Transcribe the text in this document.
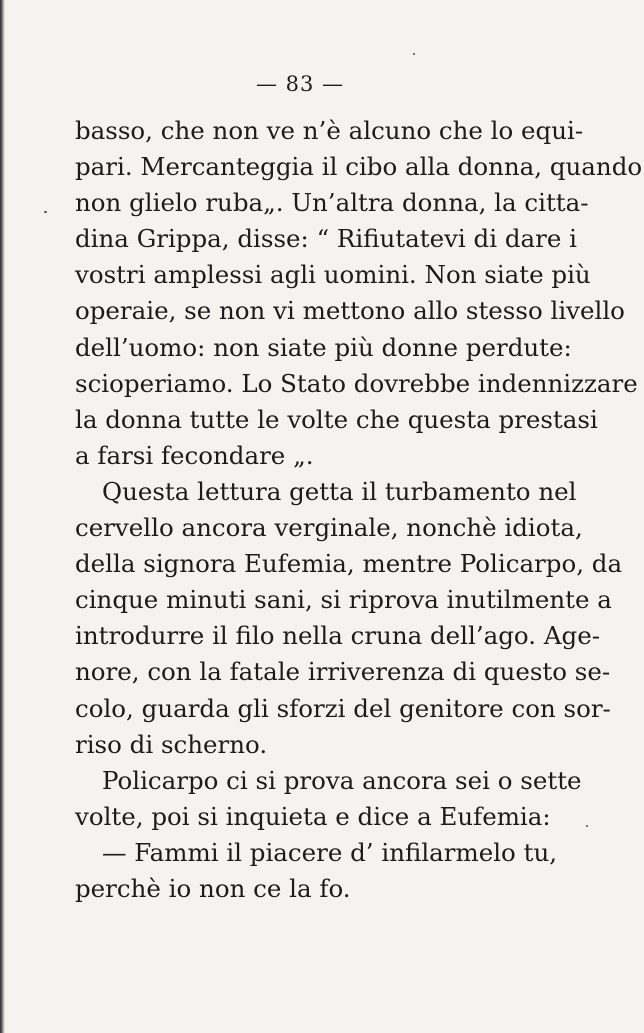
— 83 —
basso, che non ve n’è alcuno che lo equi-
pari. Mercanteggia il cibo alla donna, quando
non glielo ruba„. Un’altra donna, la citta-
dina Grippa, disse: “ Rifiutatevi di dare i
vostri amplessi agli uomini. Non siate più
operaie, se non vi mettono allo stesso livello
dell’uomo: non siate più donne perdute:
scioperiamo. Lo Stato dovrebbe indennizzare
la donna tutte le volte che questa prestasi
a farsi fecondare „.
Questa lettura getta il turbamento nel
cervello ancora verginale, nonchè idiota,
della signora Eufemia, mentre Policarpo, da
cinque minuti sani, si riprova inutilmente a
introdurre il filo nella cruna dell’ago. Age-
nore, con la fatale irriverenza di questo se-
colo, guarda gli sforzi del genitore con sor-
riso di scherno.
Policarpo ci si prova ancora sei o sette
volte, poi si inquieta e dice a Eufemia:
— Fammi il piacere d’ infilarmelo tu,
perchè io non ce la fo.
